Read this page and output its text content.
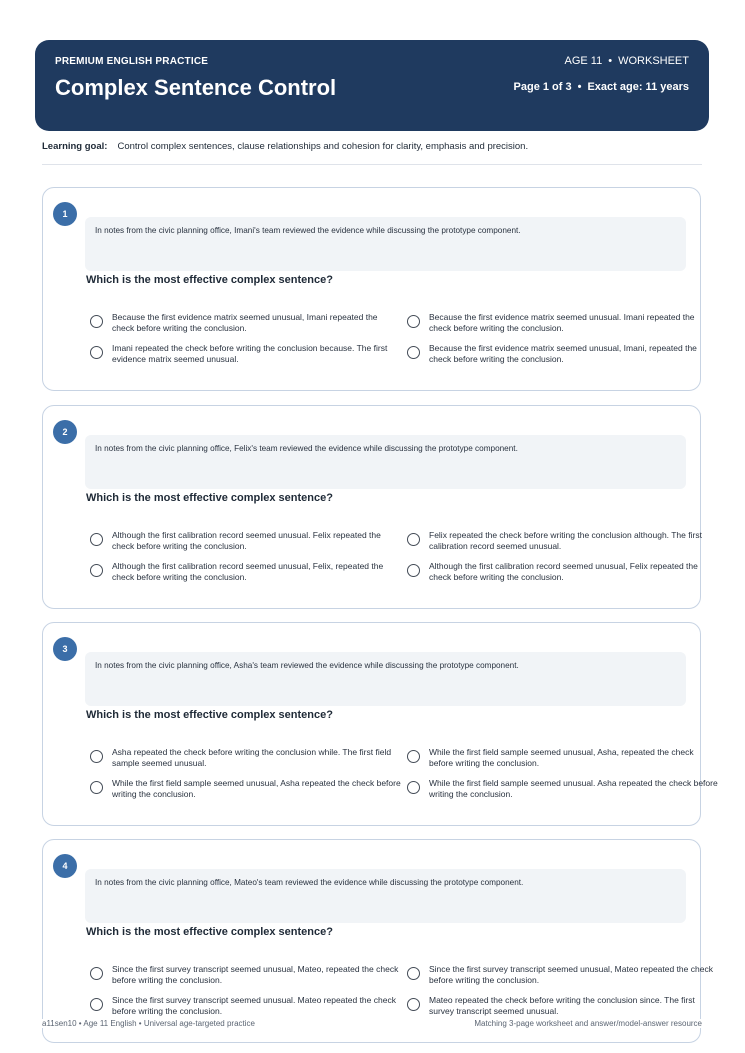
PREMIUM ENGLISH PRACTICE
Complex Sentence Control
AGE 11 • WORKSHEET
Page 1 of 3 • Exact age: 11 years
Learning goal: Control complex sentences, clause relationships and cohesion for clarity, emphasis and precision.
1
In notes from the civic planning office, Imani's team reviewed the evidence while discussing the prototype component.
Which is the most effective complex sentence?
Because the first evidence matrix seemed unusual, Imani repeated the check before writing the conclusion.
Because the first evidence matrix seemed unusual. Imani repeated the check before writing the conclusion.
Imani repeated the check before writing the conclusion because. The first evidence matrix seemed unusual.
Because the first evidence matrix seemed unusual, Imani, repeated the check before writing the conclusion.
2
In notes from the civic planning office, Felix's team reviewed the evidence while discussing the prototype component.
Which is the most effective complex sentence?
Although the first calibration record seemed unusual. Felix repeated the check before writing the conclusion.
Felix repeated the check before writing the conclusion although. The first calibration record seemed unusual.
Although the first calibration record seemed unusual, Felix, repeated the check before writing the conclusion.
Although the first calibration record seemed unusual, Felix repeated the check before writing the conclusion.
3
In notes from the civic planning office, Asha's team reviewed the evidence while discussing the prototype component.
Which is the most effective complex sentence?
Asha repeated the check before writing the conclusion while. The first field sample seemed unusual.
While the first field sample seemed unusual, Asha, repeated the check before writing the conclusion.
While the first field sample seemed unusual, Asha repeated the check before writing the conclusion.
While the first field sample seemed unusual. Asha repeated the check before writing the conclusion.
4
In notes from the civic planning office, Mateo's team reviewed the evidence while discussing the prototype component.
Which is the most effective complex sentence?
Since the first survey transcript seemed unusual, Mateo, repeated the check before writing the conclusion.
Since the first survey transcript seemed unusual, Mateo repeated the check before writing the conclusion.
Since the first survey transcript seemed unusual. Mateo repeated the check before writing the conclusion.
Mateo repeated the check before writing the conclusion since. The first survey transcript seemed unusual.
a11sen10 • Age 11 English • Universal age-targeted practice	Matching 3-page worksheet and answer/model-answer resource
